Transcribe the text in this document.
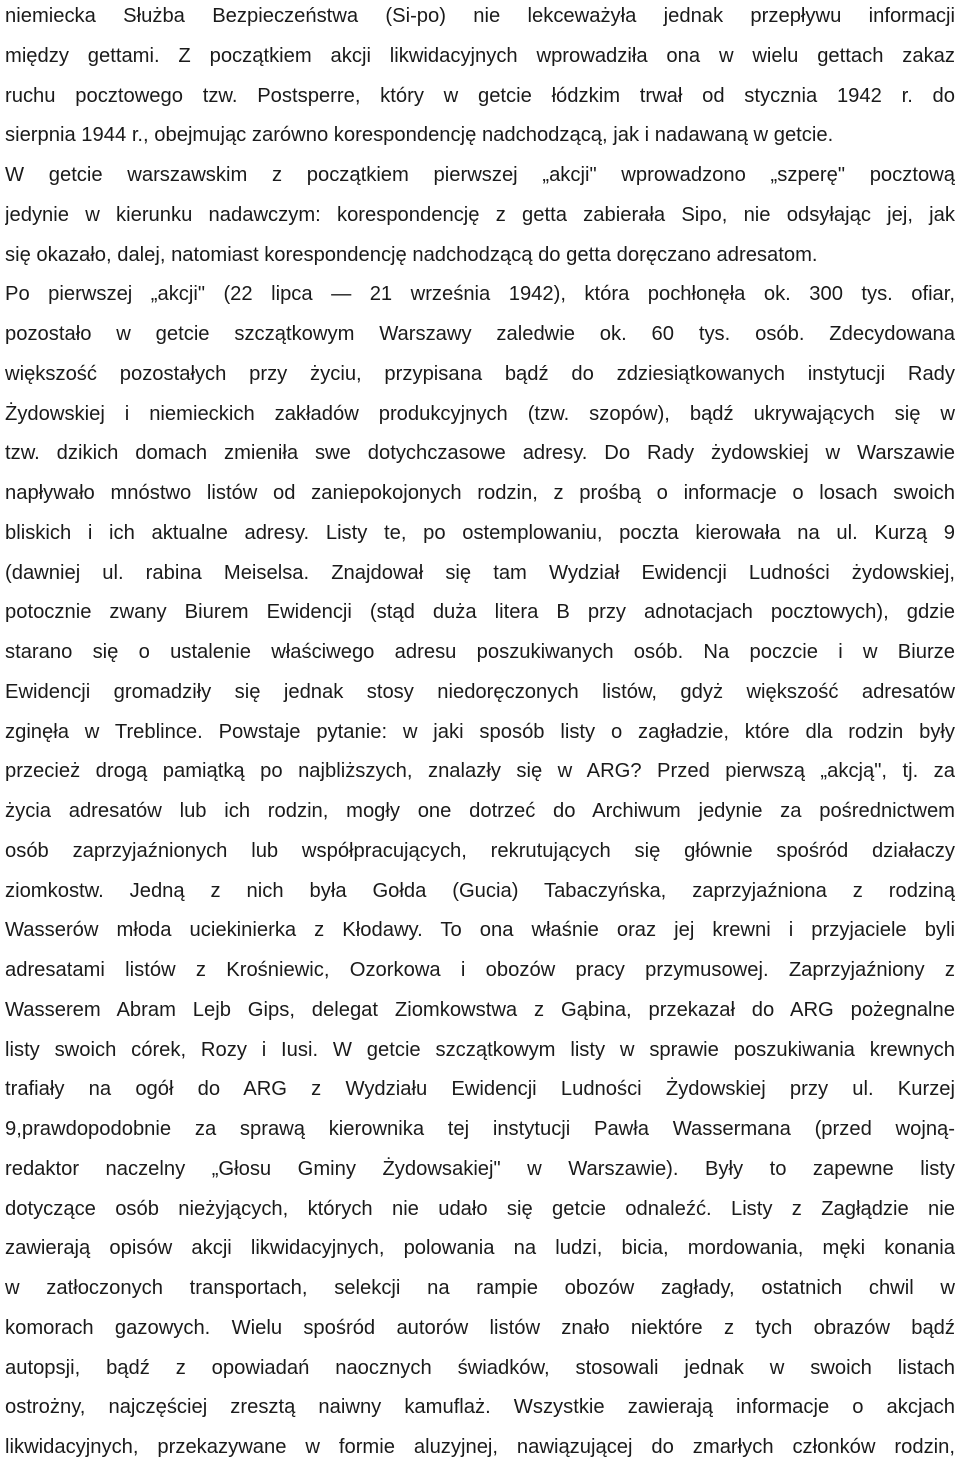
niemiecka Służba Bezpieczeństwa (Si-po) nie lekceważyła jednak przepływu informacji
między gettami. Z początkiem akcji likwidacyjnych wprowadziła ona w wielu gettach zakaz
ruchu pocztowego tzw. Postsperre, który w getcie łódzkim trwał od stycznia 1942 r. do
sierpnia 1944 r., obejmując zarówno korespondencję nadchodzącą, jak i nadawaną w getcie.
W getcie warszawskim z początkiem pierwszej „akcji" wprowadzono „szperę" pocztową
jedynie w kierunku nadawczym: korespondencję z getta zabierała Sipo, nie odsyłając jej, jak
się okazało, dalej, natomiast korespondencję nadchodzącą do getta doręczano adresatom.
Po pierwszej „akcji" (22 lipca — 21 września 1942), która pochłonęła ok. 300 tys. ofiar,
pozostało w getcie szczątkowym Warszawy zaledwie ok. 60 tys. osób. Zdecydowana
większość pozostałych przy życiu, przypisana bądź do zdziesiątkowanych instytucji Rady
Żydowskiej i niemieckich zakładów produkcyjnych (tzw. szopów), bądź ukrywających się w
tzw. dzikich domach zmieniła swe dotychczasowe adresy. Do Rady żydowskiej w Warszawie
napływało mnóstwo listów od zaniepokojonych rodzin, z prośbą o informacje o losach swoich
bliskich i ich aktualne adresy. Listy te, po ostemplowaniu, poczta kierowała na ul. Kurzą 9
(dawniej ul. rabina Meiselsa. Znajdował się tam Wydział Ewidencji Ludności żydowskiej,
potocznie zwany Biurem Ewidencji (stąd duża litera B przy adnotacjach pocztowych), gdzie
starano się o ustalenie właściwego adresu poszukiwanych osób. Na poczcie i w Biurze
Ewidencji gromadziły się jednak stosy niedoręczonych listów, gdyż większość adresatów
zginęła w Treblince. Powstaje pytanie: w jaki sposób listy o zagładzie, które dla rodzin były
przecież drogą pamiątką po najbliższych, znalazły się w ARG? Przed pierwszą „akcją", tj. za
życia adresatów lub ich rodzin, mogły one dotrzeć do Archiwum jedynie za pośrednictwem
osób zaprzyjaźnionych lub współpracujących, rekrutujących się głównie spośród działaczy
ziomkostw. Jedną z nich była Gołda (Gucia) Tabaczyńska, zaprzyjaźniona z rodziną
Wasserów młoda uciekinierka z Kłodawy. To ona właśnie oraz jej krewni i przyjaciele byli
adresatami listów z Krośniewic, Ozorkowa i obozów pracy przymusowej. Zaprzyjaźniony z
Wasserem Abram Lejb Gips, delegat Ziomkowstwa z Gąbina, przekazał do ARG pożegnalne
listy swoich córek, Rozy i Iusi. W getcie szczątkowym listy w sprawie poszukiwania krewnych
trafiały na ogół do ARG z Wydziału Ewidencji Ludności Żydowskiej przy ul. Kurzej
9,prawdopodobnie za sprawą kierownika tej instytucji Pawła Wassermana (przed wojną-
redaktor naczelny „Głosu Gminy Żydowsakiej" w Warszawie). Były to zapewne listy
dotyczące osób nieżyjących, których nie udało się getcie odnaleźć. Listy z Zagłądzie nie
zawierają opisów akcji likwidacyjnych, polowania na ludzi, bicia, mordowania, męki konania
w zatłoczonych transportach, selekcji na rampie obozów zagłady, ostatnich chwil w
komorach gazowych. Wielu spośród autorów listów znało niektóre z tych obrazów bądź
autopsji, bądź z opowiadań naocznych świadków, stosowali jednak w swoich listach
ostrożny, najczęściej zresztą naiwny kamuflaż. Wszystkie zawierają informacje o akcjach
likwidacyjnych, przekazywane w formie aluzyjnej, nawiązującej do zmarłych członków rodzin,
